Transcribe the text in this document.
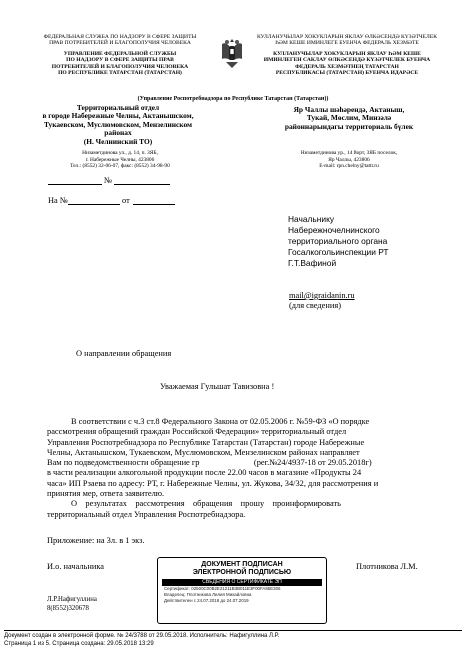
ФЕДЕРАЛЬНАЯ СЛУЖБА ПО НАДЗОРУ В СФЕРЕ ЗАЩИТЫ
ПРАВ ПОТРЕБИТЕЛЕЙ И БЛАГОПОЛУЧИЯ ЧЕЛОВЕКА
УПРАВЛЕНИЕ ФЕДЕРАЛЬНОЙ СЛУЖБЫ
ПО НАДЗОРУ В СФЕРЕ ЗАЩИТЫ ПРАВ
ПОТРЕБИТЕЛЕЙ И БЛАГОПОЛУЧИЯ ЧЕЛОВЕКА
ПО РЕСПУБЛИКЕ ТАТАРСТАН (ТАТАРСТАН)
Территориальный отдел
в городе Набережные Челны, Актанышском,
Тукаевском, Муслюмовском, Мензелинском
районах
(Н. Челнинский ТО)
Низаметдинова ул., д. 14, п. 3ЯБ,
г. Набережные Челны, 423806
Тел.: (8552) 32-06-07, факс: (8552) 34-98-90
КУЛЛАНУЧЫЛАР ХОКУКЛАРЫН ЯКЛАУ ӨЛКӘСЕНДӘ КҮЗӘТЧЕЛЕК
ҺӘМ КЕШЕ ИМИНЛЕГЕ БУЕНЧА ФЕДЕРАЛЬ ХЕЗМӘТЕ
КУЛЛАНУЧЫЛАР ХОКУКЛАРЫН ЯКЛАУ ҺӘМ КЕШЕ
ИМИНЛЕГЕН САКЛАУ ӨЛКӘСЕНДӘ КҮЗӘТЧЕЛЕК БУЕНЧА
ФЕДЕРАЛЬ ХЕЗМӘТНЕҢ ТАТАРСТАН
РЕСПУБЛИКАСЫ (ТАТАРСТАН) БУЕНЧА ИДАРӘСЕ
(Управление Роспотребнадзора по Республике Татарстан (Татарстан))
Яр Чаллы шәһәрендә, Актаныш,
Тукай, Мөслим, Минзәлә
районнарындагы территориаль бүлек
Низаметдинова ур., 14 йорт, 3ЯБ поселок,
Яр Чаллы, 423806
E-mail: rpn.chelny@tattr.ru
№
На №	от
Начальнику
Набережночелнинского
территориального органа
Госалкогольинспекции РТ
Г.Т.Вафиной
mail@igraidanin.ru
(для сведения)
О направлении обращения
Уважаемая Гульшат Тавизовна !
В соответствии с ч.3 ст.8 Федерального Закона от 02.05.2006 г. №59-ФЗ «О порядке
рассмотрения обращений граждан Российской Федерации» территориальный отдел
Управления Роспотребнадзора по Республике Татарстан (Татарстан) городе Набережные
Челны, Актанышском, Тукаевском, Муслюмовском, Мензелинском районах направляет
Вам по подведомственности обращение гр                          (рег.№24/4937-18 от 29.05.2018г)
в части реализации алкогольной продукции после 22.00 часов в магазине «Продукты 24
часа» ИП Рзаева по адресу: РТ, г. Набережные Челны, ул. Жукова, 34/32, для рассмотрения и
принятия мер, ответа заявителю.
О    результатах    рассмотрения    обращения    прошу    проинформировать
территориальный отдел Управления Роспотребнадзора.
Приложение: на 3л. в 1 экз.
И.о. начальника	Плотникова Л.М.
ДОКУМЕНТ ПОДПИСАН
ЭЛЕКТРОННОЙ ПОДПИСЬЮ
СВЕДЕНИЯ О СЕРТИФИКАТЕ ЭП
Сертификат: 02500C00B2E21211B3B011E3F00FA85E306
Владелец: Плотникова Лилия Михайловна
Действителен с 24.07.2018 до 24.07.2019
Л.Р.Нафигуллина
8(8552)320678
Документ создан в электронной форме. № 24/3788 от 29.05.2018. Исполнитель: Нафигуллина Л.Р.
Страница 1 из 5. Страница создана: 29.05.2018 13:29
